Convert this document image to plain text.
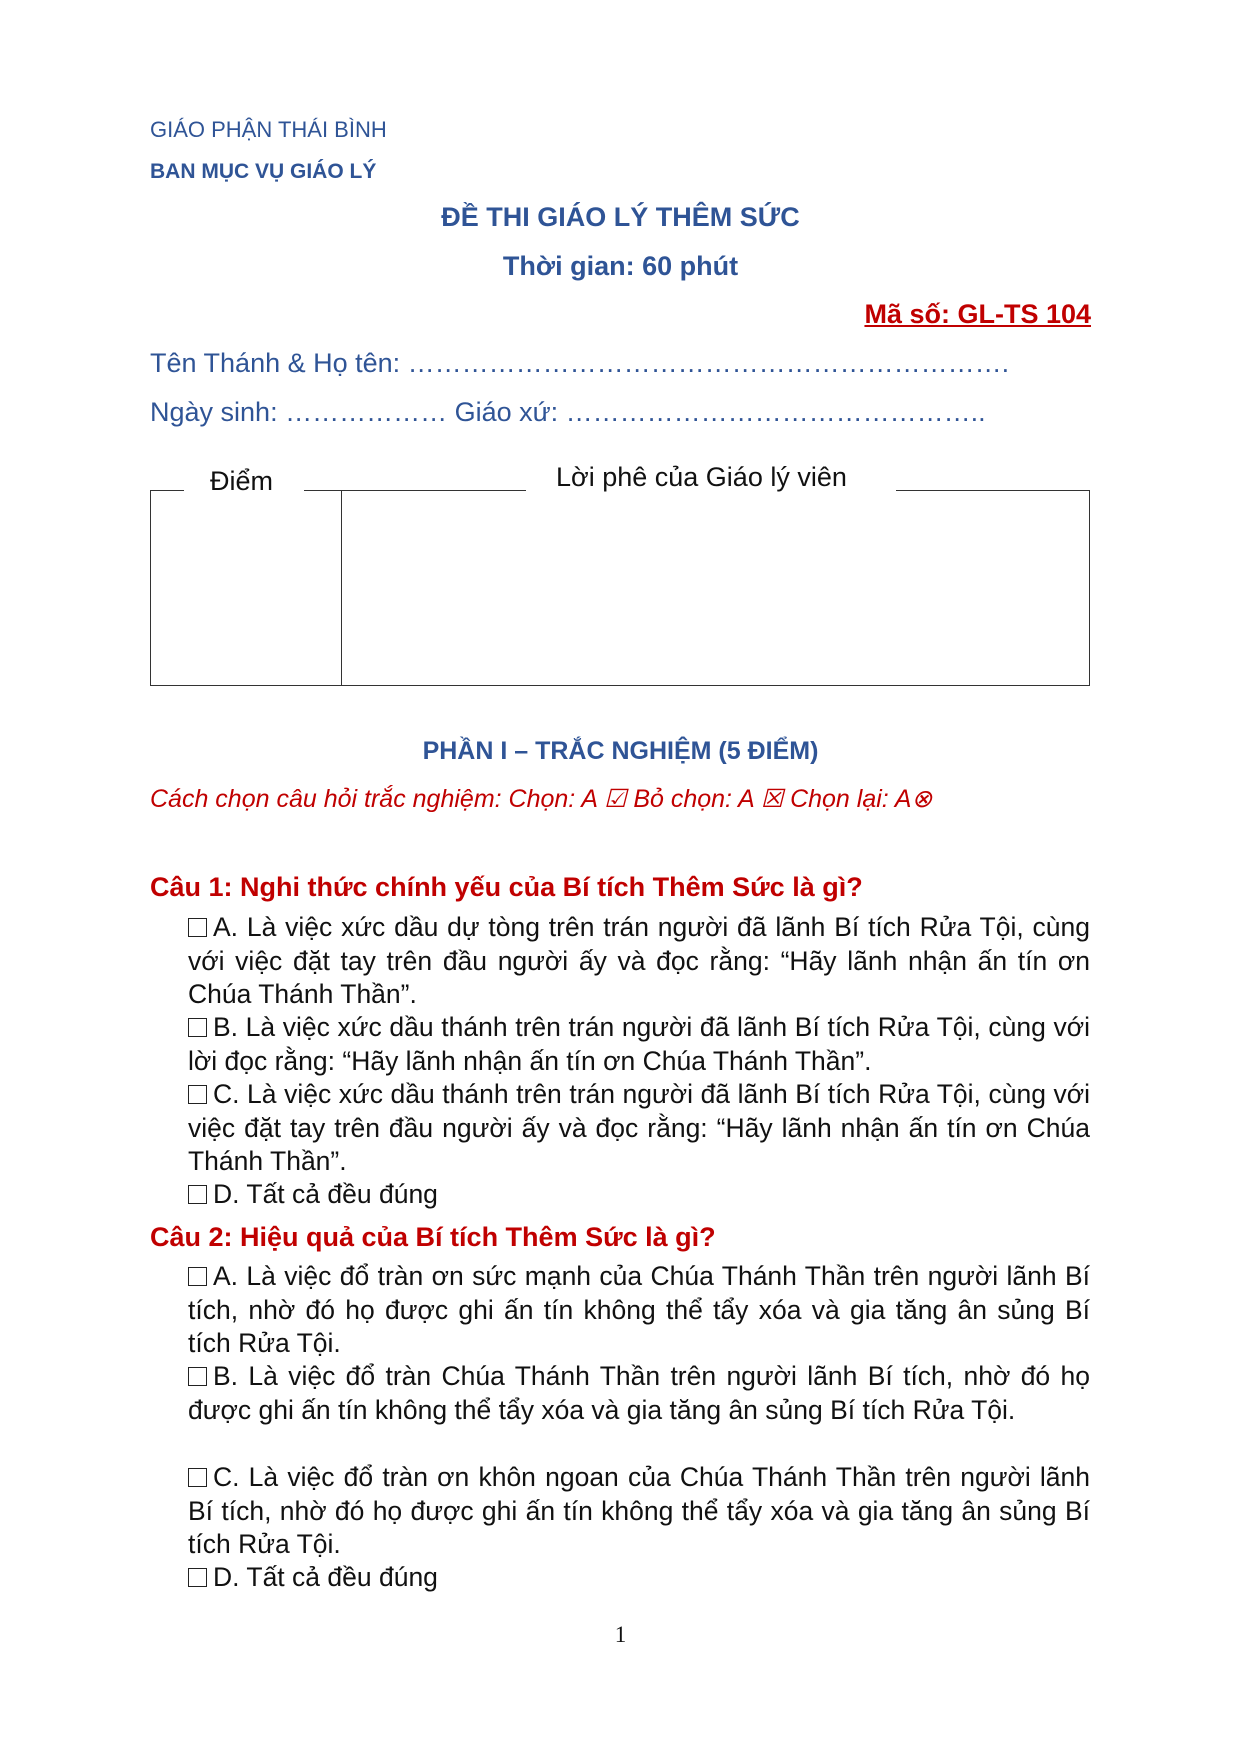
GIÁO PHẬN THÁI BÌNH
BAN MỤC VỤ GIÁO LÝ
ĐỀ THI GIÁO LÝ THÊM SỨC
Thời gian: 60 phút
Mã số: GL-TS 104
Tên Thánh & Họ tên: ………………………………………………………….
Ngày sinh: ……………… Giáo xứ: ………………………………………..
Điểm	Lời phê của Giáo lý viên
PHẦN I – TRẮC NGHIỆM (5 ĐIỂM)
Cách chọn câu hỏi trắc nghiệm: Chọn: A ☑ Bỏ chọn: A ☒ Chọn lại: A⊗
Câu 1: Nghi thức chính yếu của Bí tích Thêm Sức là gì?
A. Là việc xức dầu dự tòng trên trán người đã lãnh Bí tích Rửa Tội, cùng với việc đặt tay trên đầu người ấy và đọc rằng: “Hãy lãnh nhận ấn tín ơn Chúa Thánh Thần”.
B. Là việc xức dầu thánh trên trán người đã lãnh Bí tích Rửa Tội, cùng với lời đọc rằng: “Hãy lãnh nhận ấn tín ơn Chúa Thánh Thần”.
C. Là việc xức dầu thánh trên trán người đã lãnh Bí tích Rửa Tội, cùng với việc đặt tay trên đầu người ấy và đọc rằng: “Hãy lãnh nhận ấn tín ơn Chúa Thánh Thần”.
D. Tất cả đều đúng
Câu 2: Hiệu quả của Bí tích Thêm Sức là gì?
A. Là việc đổ tràn ơn sức mạnh của Chúa Thánh Thần trên người lãnh Bí tích, nhờ đó họ được ghi ấn tín không thể tẩy xóa và gia tăng ân sủng Bí tích Rửa Tội.
B. Là việc đổ tràn Chúa Thánh Thần trên người lãnh Bí tích, nhờ đó họ được ghi ấn tín không thể tẩy xóa và gia tăng ân sủng Bí tích Rửa Tội.
C. Là việc đổ tràn ơn khôn ngoan của Chúa Thánh Thần trên người lãnh Bí tích, nhờ đó họ được ghi ấn tín không thể tẩy xóa và gia tăng ân sủng Bí tích Rửa Tội.
D. Tất cả đều đúng
1
